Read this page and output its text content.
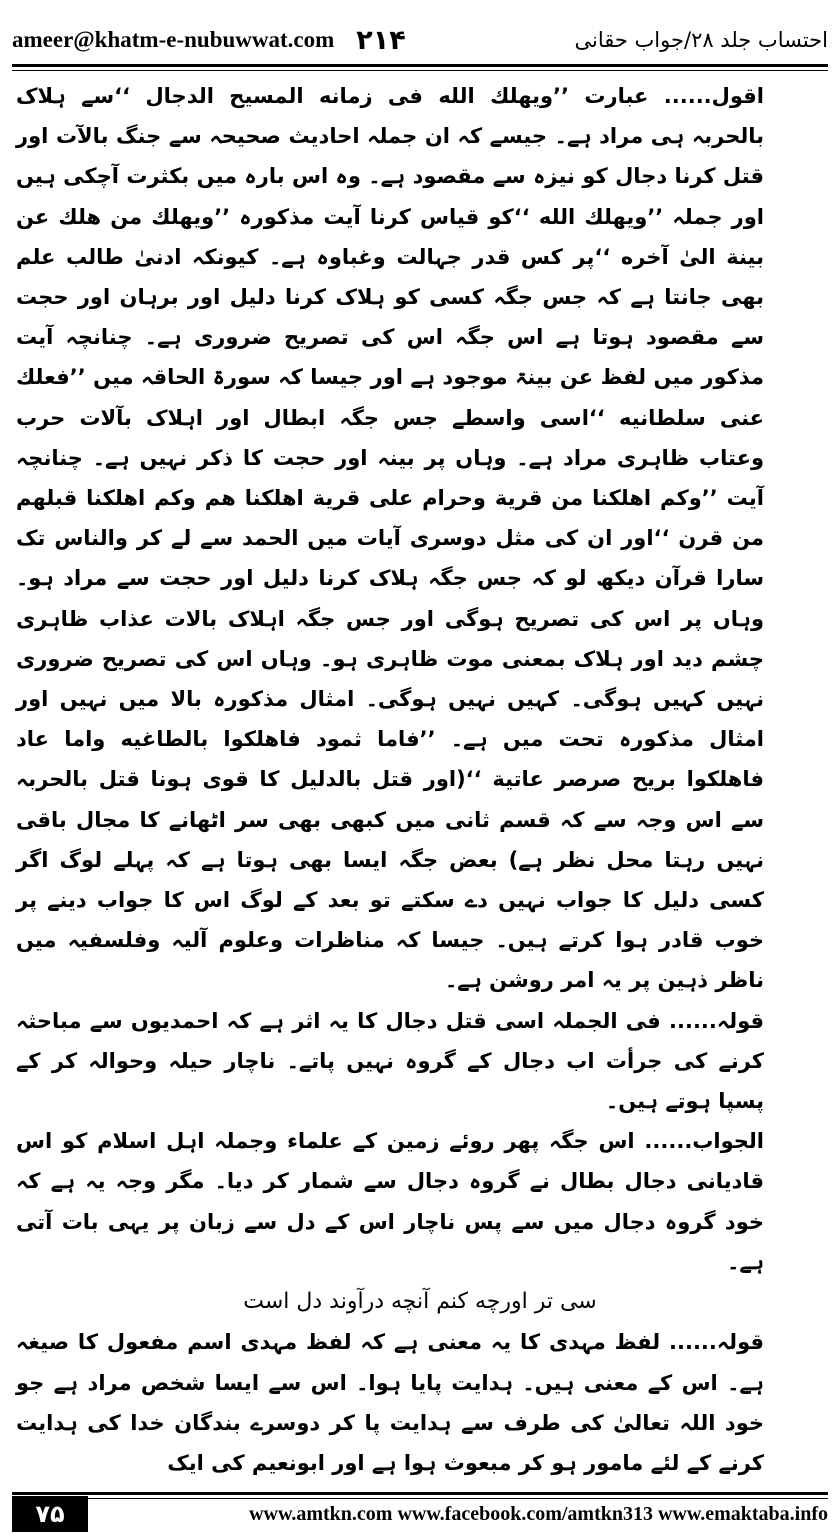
ameer@khatm-e-nubuwwat.com ۲۱۴	احتساب جلد ۲۸/جواب حقانی

اقول...... عبارت ’’ویهلك الله فی زمانه المسیح الدجال ‘‘سے ہلاک بالحربہ ہی مراد ہے۔ جیسے کہ ان جملہ احادیث صحیحہ سے جنگ بالآت اور قتل کرنا دجال کو نیزہ سے مقصود ہے۔ وہ اس بارہ میں بکثرت آچکی ہیں اور جملہ ’’ویهلك الله ‘‘کو قیاس کرنا آیت مذکورہ ’’ویهلك من هلك عن بینة الیٰ آخره ‘‘پر کس قدر جہالت وغباوہ ہے۔ کیونکہ ادنیٰ طالب علم بھی جانتا ہے کہ جس جگہ کسی کو ہلاک کرنا دلیل اور برہان اور حجت سے مقصود ہوتا ہے اس جگہ اس کی تصریح ضروری ہے۔ چنانچہ آیت مذکور میں لفظ عن بینۃ موجود ہے اور جیسا کہ سورۃ الحاقہ میں ’’فعلك عنی سلطانیه ‘‘اسی واسطے جس جگہ ابطال اور اہلاک بآلات حرب وعتاب ظاہری مراد ہے۔ وہاں پر بینہ اور حجت کا ذکر نہیں ہے۔ چنانچہ آیت ’’وکم اهلکنا من قریة وحرام علی قریة اهلکنا هم وکم اهلکنا قبلهم من قرن ‘‘اور ان کی مثل دوسری آیات میں الحمد سے لے کر والناس تک سارا قرآن دیکھ لو کہ جس جگہ ہلاک کرنا دلیل اور حجت سے مراد ہو۔ وہاں پر اس کی تصریح ہوگی اور جس جگہ اہلاک بالات عذاب ظاہری چشم دید اور ہلاک بمعنی موت ظاہری ہو۔ وہاں اس کی تصریح ضروری نہیں کہیں ہوگی۔ کہیں نہیں ہوگی۔ امثال مذکورہ بالا میں نہیں اور امثال مذکورہ تحت میں ہے۔ ’’فاما ثمود فاهلکوا بالطاغیه واما عاد فاهلکوا بریح صرصر عاتیة ‘‘(اور قتل بالدلیل کا قوی ہونا قتل بالحربہ سے اس وجہ سے کہ قسم ثانی میں کبھی بھی سر اٹھانے کا مجال باقی نہیں رہتا محل نظر ہے) بعض جگہ ایسا بھی ہوتا ہے کہ پہلے لوگ اگر کسی دلیل کا جواب نہیں دے سکتے تو بعد کے لوگ اس کا جواب دینے پر خوب قادر ہوا کرتے ہیں۔ جیسا کہ مناظرات وعلوم آلیہ وفلسفیہ میں ناظر ذہین پر یہ امر روشن ہے۔

قولہ...... فی الجملہ اسی قتل دجال کا یہ اثر ہے کہ احمدیوں سے مباحثہ کرنے کی جرأت اب دجال کے گروہ نہیں پاتے۔ ناچار حیلہ وحوالہ کر کے پسپا ہوتے ہیں۔

الجواب...... اس جگہ پھر روئے زمین کے علماء وجملہ اہل اسلام کو اس قادیانی دجال بطال نے گروہ دجال سے شمار کر دیا۔ مگر وجہ یہ ہے کہ خود گروہ دجال میں سے پس ناچار اس کے دل سے زبان پر یہی بات آتی ہے۔

سی تر اورچه کنم آنچه درآوند دل است

قولہ...... لفظ مہدی کا یہ معنی ہے کہ لفظ مہدی اسم مفعول کا صیغہ ہے۔ اس کے معنی ہیں۔ ہدایت پایا ہوا۔ اس سے ایسا شخص مراد ہے جو خود اللہ تعالیٰ کی طرف سے ہدایت پا کر دوسرے بندگان خدا کی ہدایت کرنے کے لئے مامور ہو کر مبعوث ہوا ہے اور ابونعیم کی ایک

۷۵	www.amtkn.com www.facebook.com/amtkn313 www.emaktaba.info
